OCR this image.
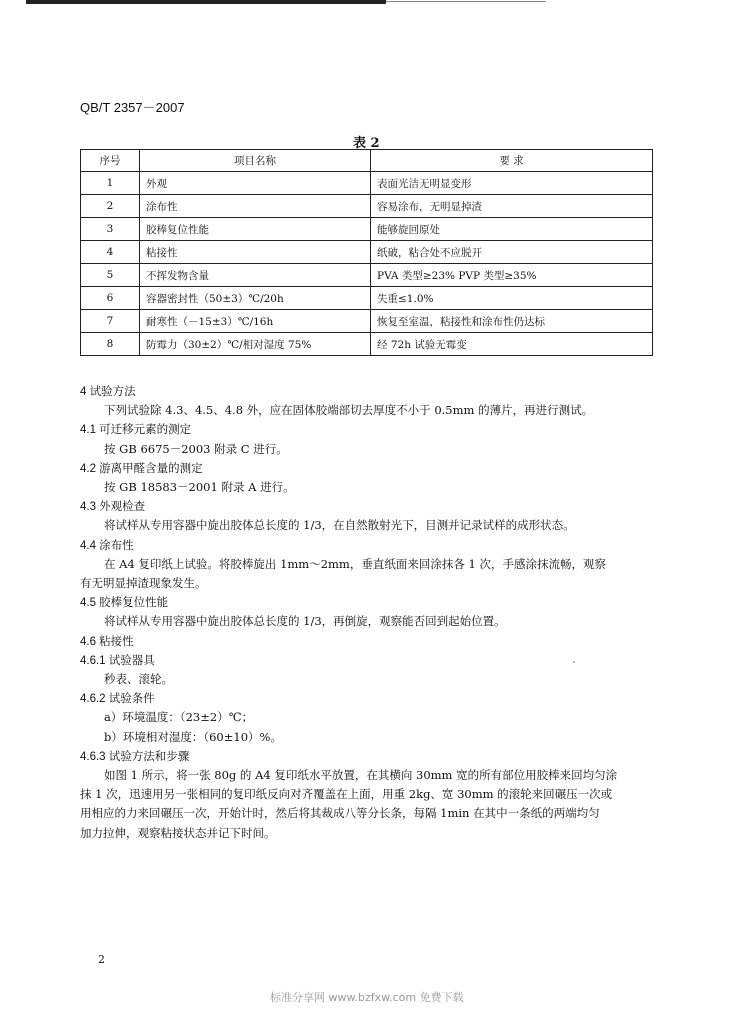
QB/T 2357－2007
表 2
序号	项目名称	要 求
1	外观	表面光洁无明显变形
2	涂布性	容易涂布，无明显掉渣
3	胶棒复位性能	能够旋回原处
4	粘接性	纸破，粘合处不应脱开
5	不挥发物含量	PVA 类型≥23% PVP 类型≥35%
6	容器密封性（50±3）℃/20h	失重≤1.0%
7	耐寒性（－15±3）℃/16h	恢复至室温，粘接性和涂布性仍达标
8	防霉力（30±2）℃/相对湿度 75%	经 72h 试验无霉变
4 试验方法
下列试验除 4.3、4.5、4.8 外，应在固体胶端部切去厚度不小于 0.5mm 的薄片，再进行测试。
4.1 可迁移元素的测定
按 GB 6675－2003 附录 C 进行。
4.2 游离甲醛含量的测定
按 GB 18583－2001 附录 A 进行。
4.3 外观检查
将试样从专用容器中旋出胶体总长度的 1/3，在自然散射光下，目测并记录试样的成形状态。
4.4 涂布性
在 A4 复印纸上试验。将胶棒旋出 1mm～2mm，垂直纸面来回涂抹各 1 次，手感涂抹流畅，观察
有无明显掉渣现象发生。
4.5 胶棒复位性能
将试样从专用容器中旋出胶体总长度的 1/3，再倒旋，观察能否回到起始位置。
4.6 粘接性
4.6.1 试验器具
秒表、滚轮。
4.6.2 试验条件
a）环境温度：（23±2）℃；
b）环境相对湿度：（60±10）%。
4.6.3 试验方法和步骤
如图 1 所示，将一张 80g 的 A4 复印纸水平放置，在其横向 30mm 宽的所有部位用胶棒来回均匀涂
抹 1 次，迅速用另一张相同的复印纸反向对齐覆盖在上面，用重 2kg、宽 30mm 的滚轮来回碾压一次或
用相应的力来回碾压一次，开始计时，然后将其裁成八等分长条，每隔 1min 在其中一条纸的两端均匀
加力拉伸，观察粘接状态并记下时间。
2
标准分享网 www.bzfxw.com 免费下载
